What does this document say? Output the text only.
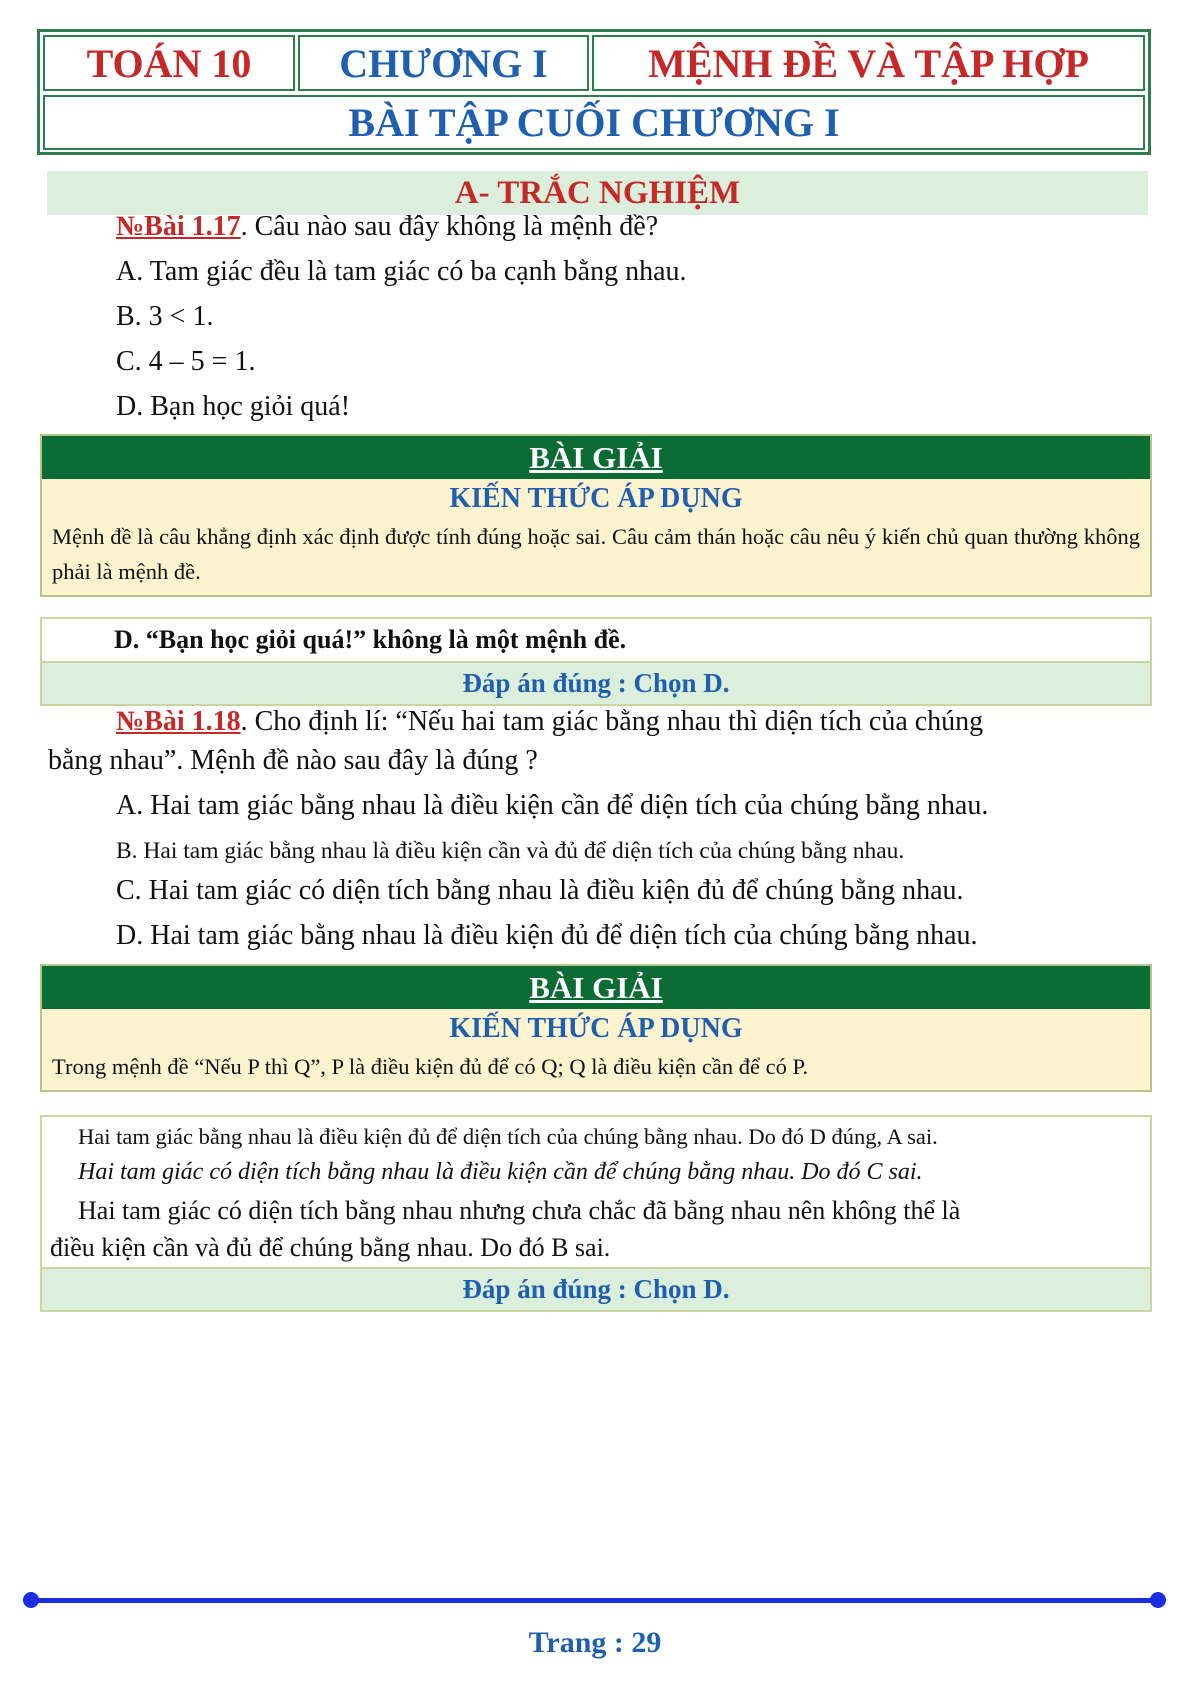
TOÁN 10	CHƯƠNG I	MỆNH ĐỀ VÀ TẬP HỢP
BÀI TẬP CUỐI CHƯƠNG I
A- TRẮC NGHIỆM
№Bài 1.17. Câu nào sau đây không là mệnh đề?
A. Tam giác đều là tam giác có ba cạnh bằng nhau.
B. 3 < 1.
C. 4 – 5 = 1.
D. Bạn học giỏi quá!
BÀI GIẢI
KIẾN THỨC ÁP DỤNG
Mệnh đề là câu khẳng định xác định được tính đúng hoặc sai. Câu cảm thán hoặc câu nêu ý kiến chủ quan thường không phải là mệnh đề.
D. “Bạn học giỏi quá!” không là một mệnh đề.
Đáp án đúng : Chọn D.
№Bài 1.18. Cho định lí: “Nếu hai tam giác bằng nhau thì diện tích của chúng
bằng nhau”. Mệnh đề nào sau đây là đúng ?
A. Hai tam giác bằng nhau là điều kiện cần để diện tích của chúng bằng nhau.
B. Hai tam giác bằng nhau là điều kiện cần và đủ để diện tích của chúng bằng nhau.
C. Hai tam giác có diện tích bằng nhau là điều kiện đủ để chúng bằng nhau.
D. Hai tam giác bằng nhau là điều kiện đủ để diện tích của chúng bằng nhau.
BÀI GIẢI
KIẾN THỨC ÁP DỤNG
Trong mệnh đề “Nếu P thì Q”, P là điều kiện đủ để có Q; Q là điều kiện cần để có P.
Hai tam giác bằng nhau là điều kiện đủ để diện tích của chúng bằng nhau. Do đó D đúng, A sai.
Hai tam giác có diện tích bằng nhau là điều kiện cần để chúng bằng nhau. Do đó C sai.
Hai tam giác có diện tích bằng nhau nhưng chưa chắc đã bằng nhau nên không thể là
điều kiện cần và đủ để chúng bằng nhau. Do đó B sai.
Đáp án đúng : Chọn D.
Trang : 29
